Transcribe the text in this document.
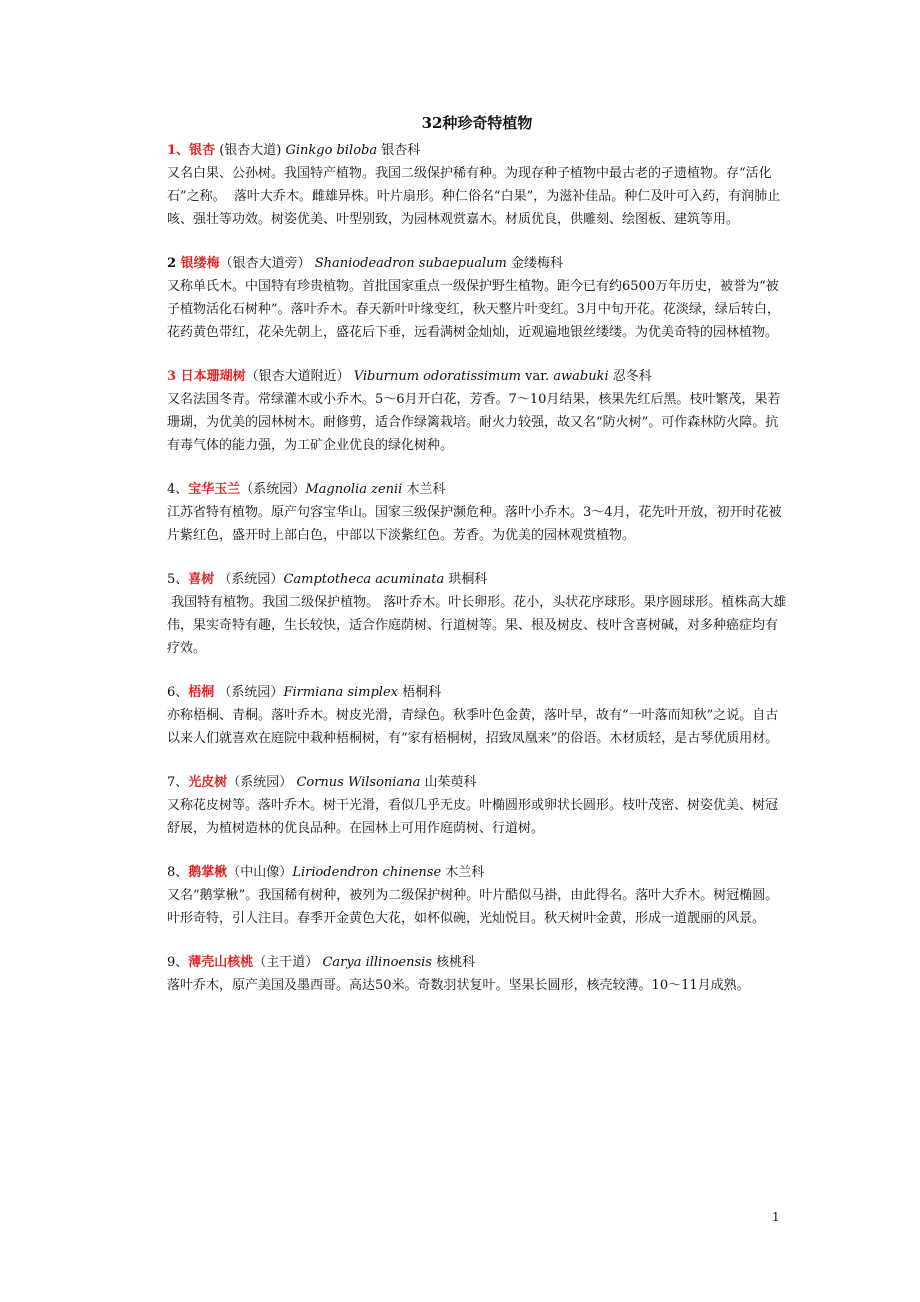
32种珍奇特植物
1、银杏 (银杏大道) Ginkgo biloba 银杏科
又名白果、公孙树。我国特产植物。我国二级保护稀有种。为现存种子植物中最古老的孑遗植物。存“活化石”之称。  落叶大乔木。雌雄异株。叶片扇形。种仁俗名“白果”，为滋补佳品。种仁及叶可入药，有润肺止咳、强壮等功效。树姿优美、叶型别致，为园林观赏嘉木。材质优良，供雕刻、绘图板、建筑等用。
2 银缕梅（银杏大道旁） Shaniodeadron subaepualum 金缕梅科
又称单氏木。中国特有珍贵植物。首批国家重点一级保护野生植物。距今已有约6500万年历史，被誉为“被子植物活化石树种”。落叶乔木。春天新叶叶缘变红，秋天整片叶变红。3月中旬开花。花淡绿，绿后转白，花药黄色带红，花朵先朝上，盛花后下垂，远看满树金灿灿，近观遍地银丝缕缕。为优美奇特的园林植物。
3 日本珊瑚树（银杏大道附近） Viburnum odoratissimum var. awabuki 忍冬科
又名法国冬青。常绿灌木或小乔木。5～6月开白花，芳香。7～10月结果，核果先红后黑。枝叶繁茂，果若珊瑚，为优美的园林树木。耐修剪，适合作绿篱栽培。耐火力较强，故又名“防火树”。可作森林防火障。抗有毒气体的能力强，为工矿企业优良的绿化树种。
4、宝华玉兰（系统园）Magnolia zenii 木兰科
江苏省特有植物。原产句容宝华山。国家三级保护濒危种。落叶小乔木。3～4月，花先叶开放，初开时花被片紫红色，盛开时上部白色，中部以下淡紫红色。芳香。为优美的园林观赏植物。
5、喜树 （系统园）Camptotheca acuminata 珙桐科
我国特有植物。我国二级保护植物。 落叶乔木。叶长卵形。花小，头状花序球形。果序圆球形。植株高大雄伟，果实奇特有趣，生长较快，适合作庭荫树、行道树等。果、根及树皮、枝叶含喜树碱，对多种癌症均有疗效。
6、梧桐 （系统园）Firmiana simplex 梧桐科
亦称梧桐、青桐。落叶乔木。树皮光滑，青绿色。秋季叶色金黄，落叶早，故有“一叶落而知秋”之说。自古以来人们就喜欢在庭院中栽种梧桐树，有“家有梧桐树，招致凤凰来”的俗语。木材质轻，是古琴优质用材。
7、光皮树（系统园） Cornus Wilsoniana 山茱萸科
又称花皮树等。落叶乔木。树干光滑，看似几乎无皮。叶椭圆形或卵状长圆形。枝叶茂密、树姿优美、树冠舒展，为植树造林的优良品种。在园林上可用作庭荫树、行道树。
8、鹅掌楸（中山像）Liriodendron chinense 木兰科
又名“鹅掌楸”。我国稀有树种，被列为二级保护树种。叶片酷似马褂，由此得名。落叶大乔木。树冠椭圆。叶形奇特，引人注目。春季开金黄色大花，如杯似碗，光灿悦目。秋天树叶金黄，形成一道靓丽的风景。
9、薄壳山核桃（主干道） Carya illinoensis 核桃科
落叶乔木，原产美国及墨西哥。高达50米。奇数羽状复叶。坚果长圆形，核壳较薄。10～11月成熟。
1
